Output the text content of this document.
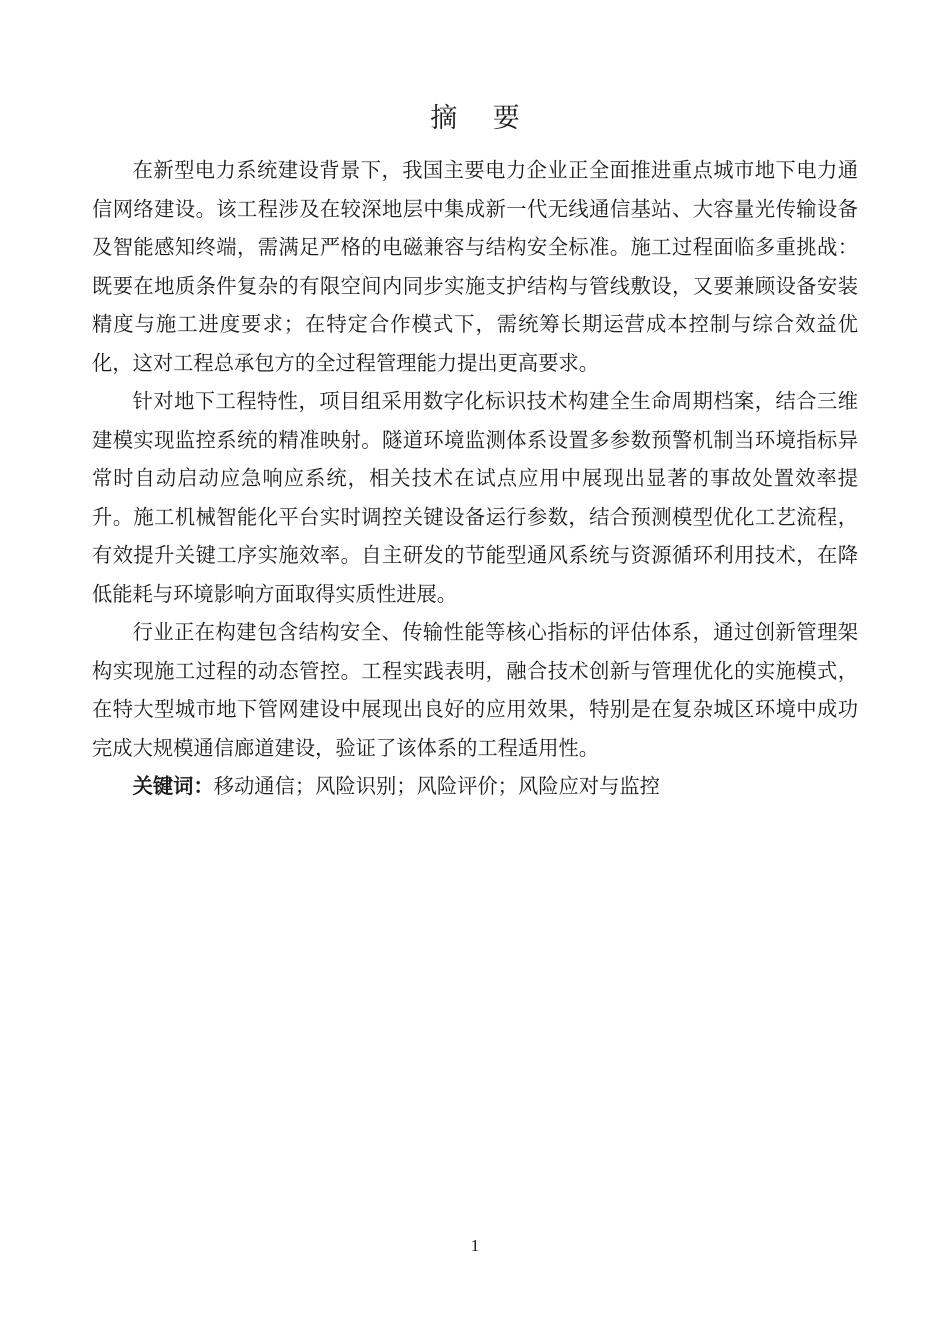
摘 要

在新型电力系统建设背景下，我国主要电力企业正全面推进重点城市地下电力通信网络建设。该工程涉及在较深地层中集成新一代无线通信基站、大容量光传输设备及智能感知终端，需满足严格的电磁兼容与结构安全标准。施工过程面临多重挑战：既要在地质条件复杂的有限空间内同步实施支护结构与管线敷设，又要兼顾设备安装精度与施工进度要求；在特定合作模式下，需统筹长期运营成本控制与综合效益优化，这对工程总承包方的全过程管理能力提出更高要求。

针对地下工程特性，项目组采用数字化标识技术构建全生命周期档案，结合三维建模实现监控系统的精准映射。隧道环境监测体系设置多参数预警机制当环境指标异常时自动启动应急响应系统，相关技术在试点应用中展现出显著的事故处置效率提升。施工机械智能化平台实时调控关键设备运行参数，结合预测模型优化工艺流程，有效提升关键工序实施效率。自主研发的节能型通风系统与资源循环利用技术，在降低能耗与环境影响方面取得实质性进展。

行业正在构建包含结构安全、传输性能等核心指标的评估体系，通过创新管理架构实现施工过程的动态管控。工程实践表明，融合技术创新与管理优化的实施模式，在特大型城市地下管网建设中展现出良好的应用效果，特别是在复杂城区环境中成功完成大规模通信廊道建设，验证了该体系的工程适用性。

关键词：移动通信；风险识别；风险评价；风险应对与监控

1
